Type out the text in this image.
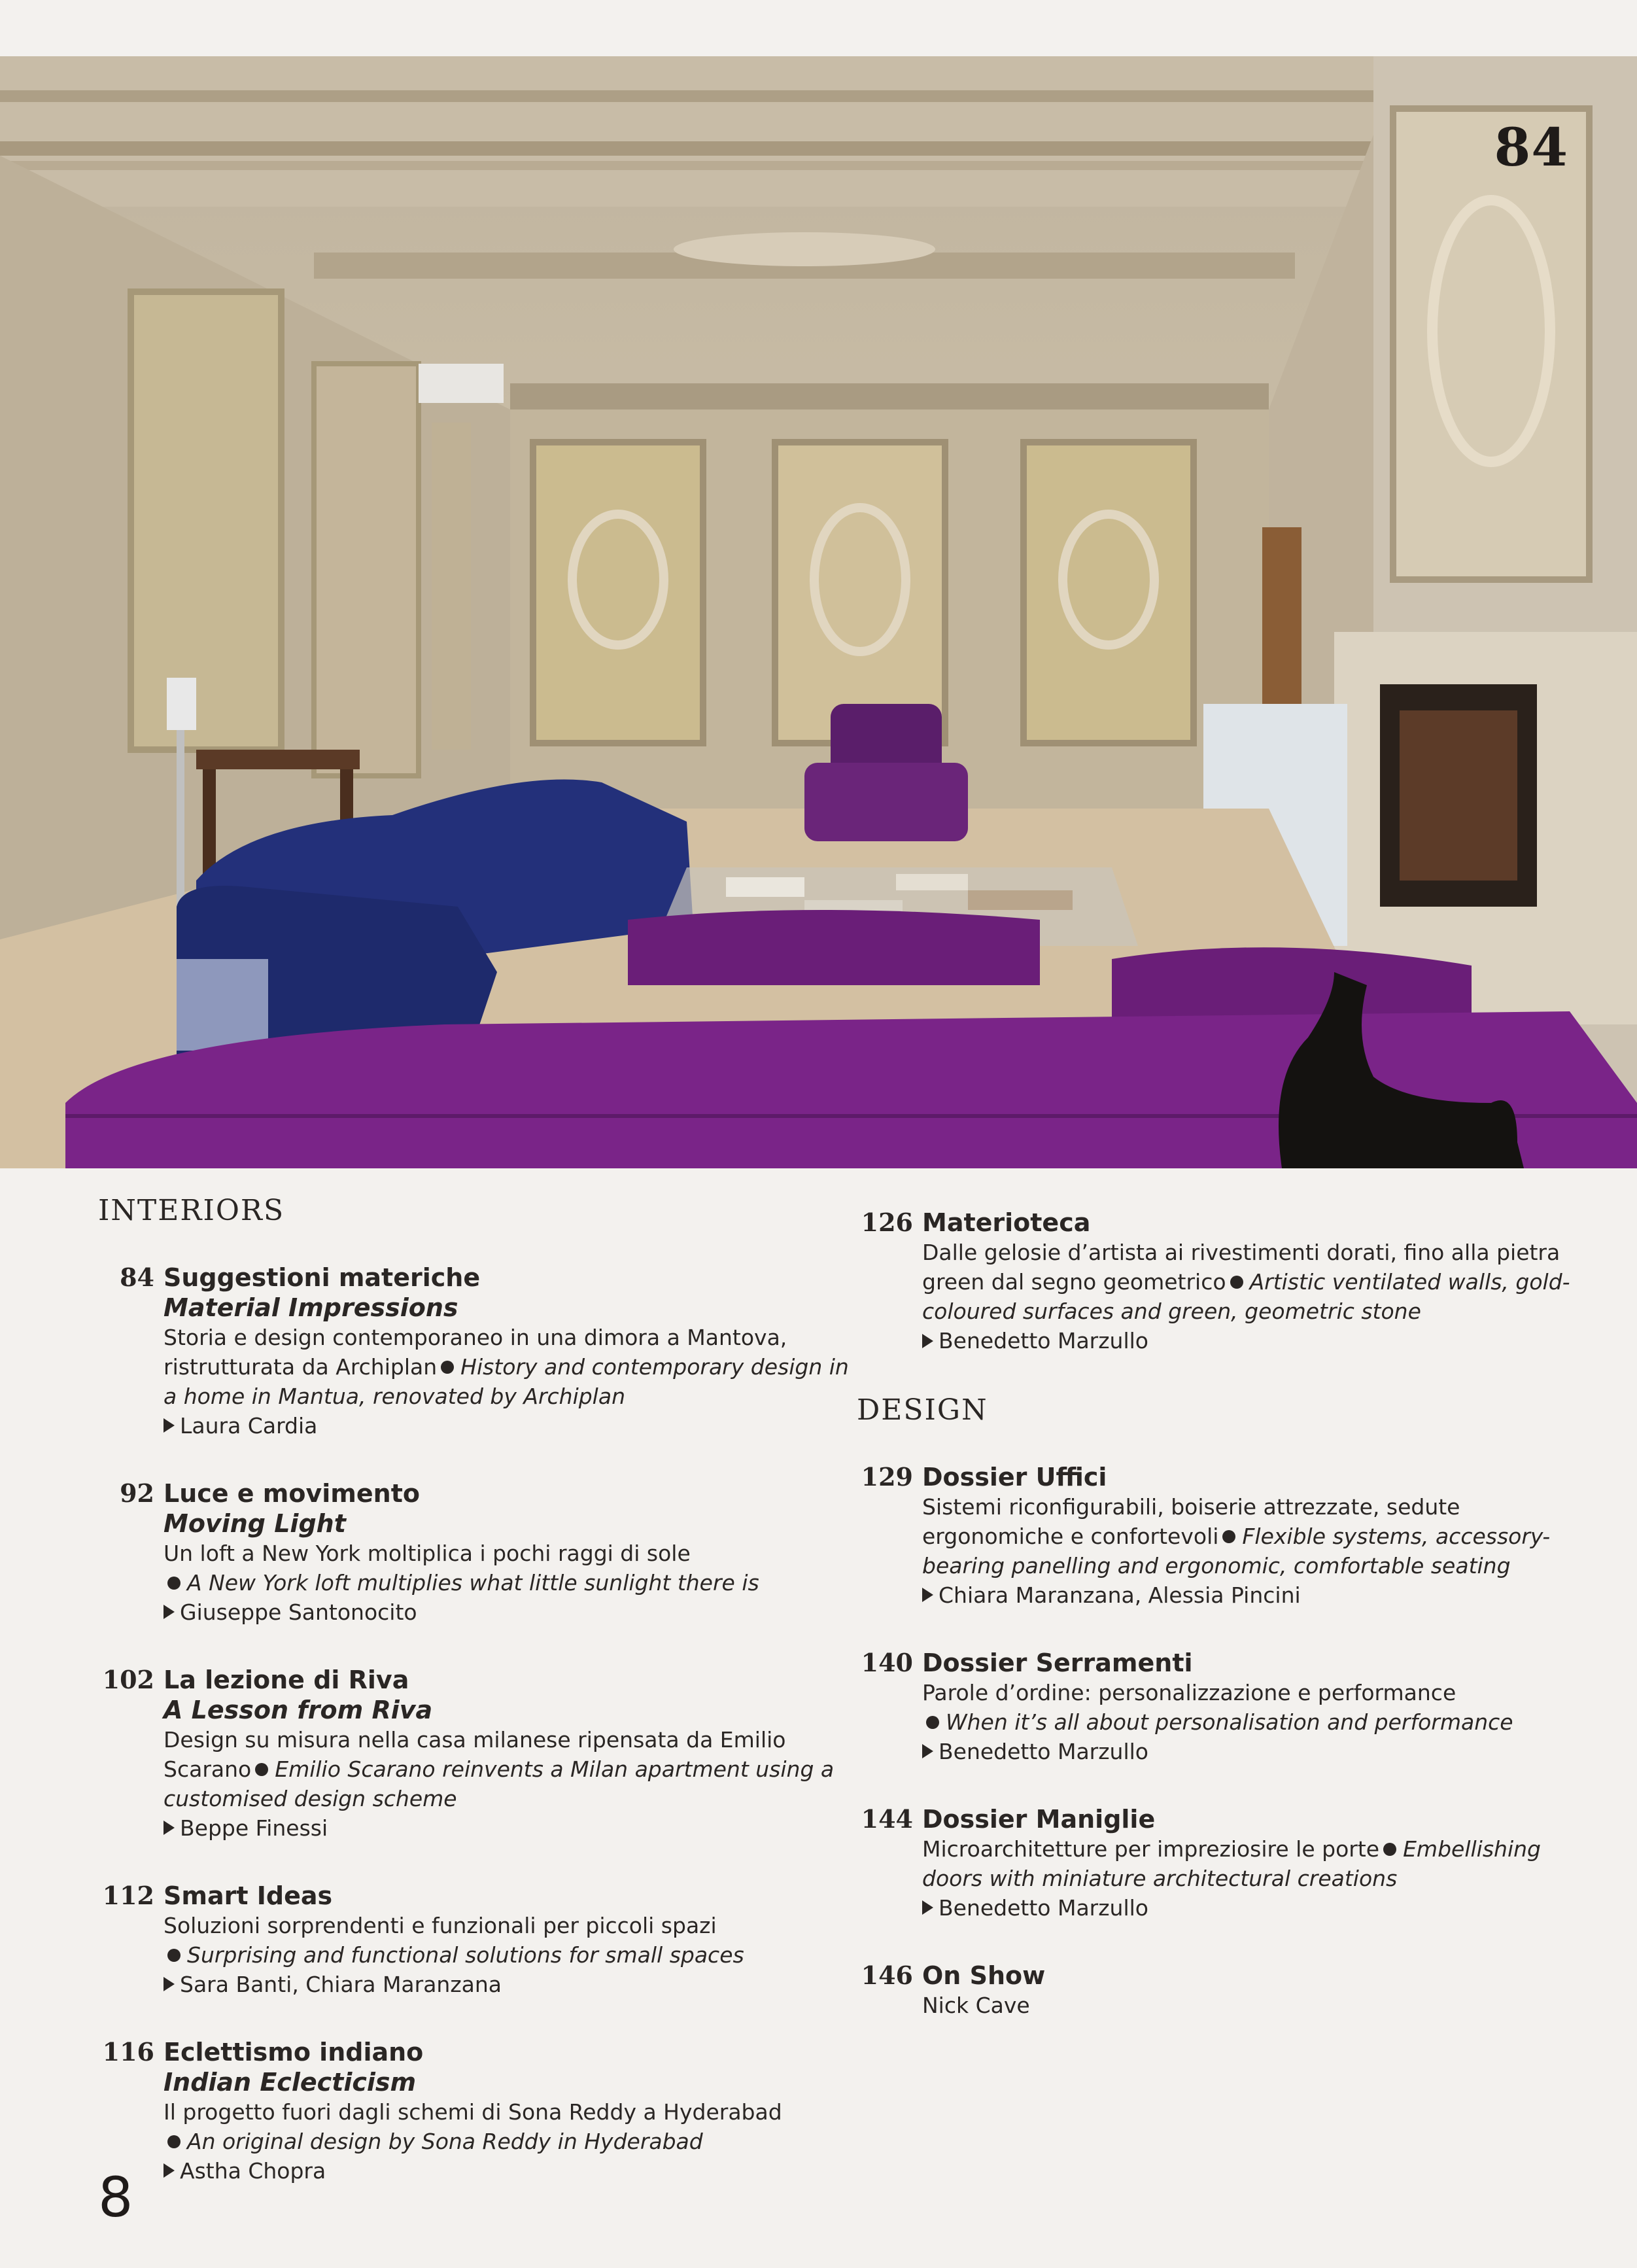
84
INTERIORS
84 Suggestioni materiche
Material Impressions
Storia e design contemporaneo in una dimora a Mantova, ristrutturata da Archiplan History and contemporary design in a home in Mantua, renovated by Archiplan
Laura Cardia
92 Luce e movimento
Moving Light
Un loft a New York moltiplica i pochi raggi di sole
A New York loft multiplies what little sunlight there is
Giuseppe Santonocito
102 La lezione di Riva
A Lesson from Riva
Design su misura nella casa milanese ripensata da Emilio Scarano Emilio Scarano reinvents a Milan apartment using a customised design scheme
Beppe Finessi
112 Smart Ideas
Soluzioni sorprendenti e funzionali per piccoli spazi
Surprising and functional solutions for small spaces
Sara Banti, Chiara Maranzana
116 Eclettismo indiano
Indian Eclecticism
Il progetto fuori dagli schemi di Sona Reddy a Hyderabad
An original design by Sona Reddy in Hyderabad
Astha Chopra
126 Materioteca
Dalle gelosie d’artista ai rivestimenti dorati, fino alla pietra green dal segno geometrico Artistic ventilated walls, gold-coloured surfaces and green, geometric stone
Benedetto Marzullo
DESIGN
129 Dossier Uffici
Sistemi riconfigurabili, boiserie attrezzate, sedute ergonomiche e confortevoli Flexible systems, accessory-bearing panelling and ergonomic, comfortable seating
Chiara Maranzana, Alessia Pincini
140 Dossier Serramenti
Parole d’ordine: personalizzazione e performance
When it’s all about personalisation and performance
Benedetto Marzullo
144 Dossier Maniglie
Microarchitetture per impreziosire le porte Embellishing doors with miniature architectural creations
Benedetto Marzullo
146 On Show
Nick Cave
8
